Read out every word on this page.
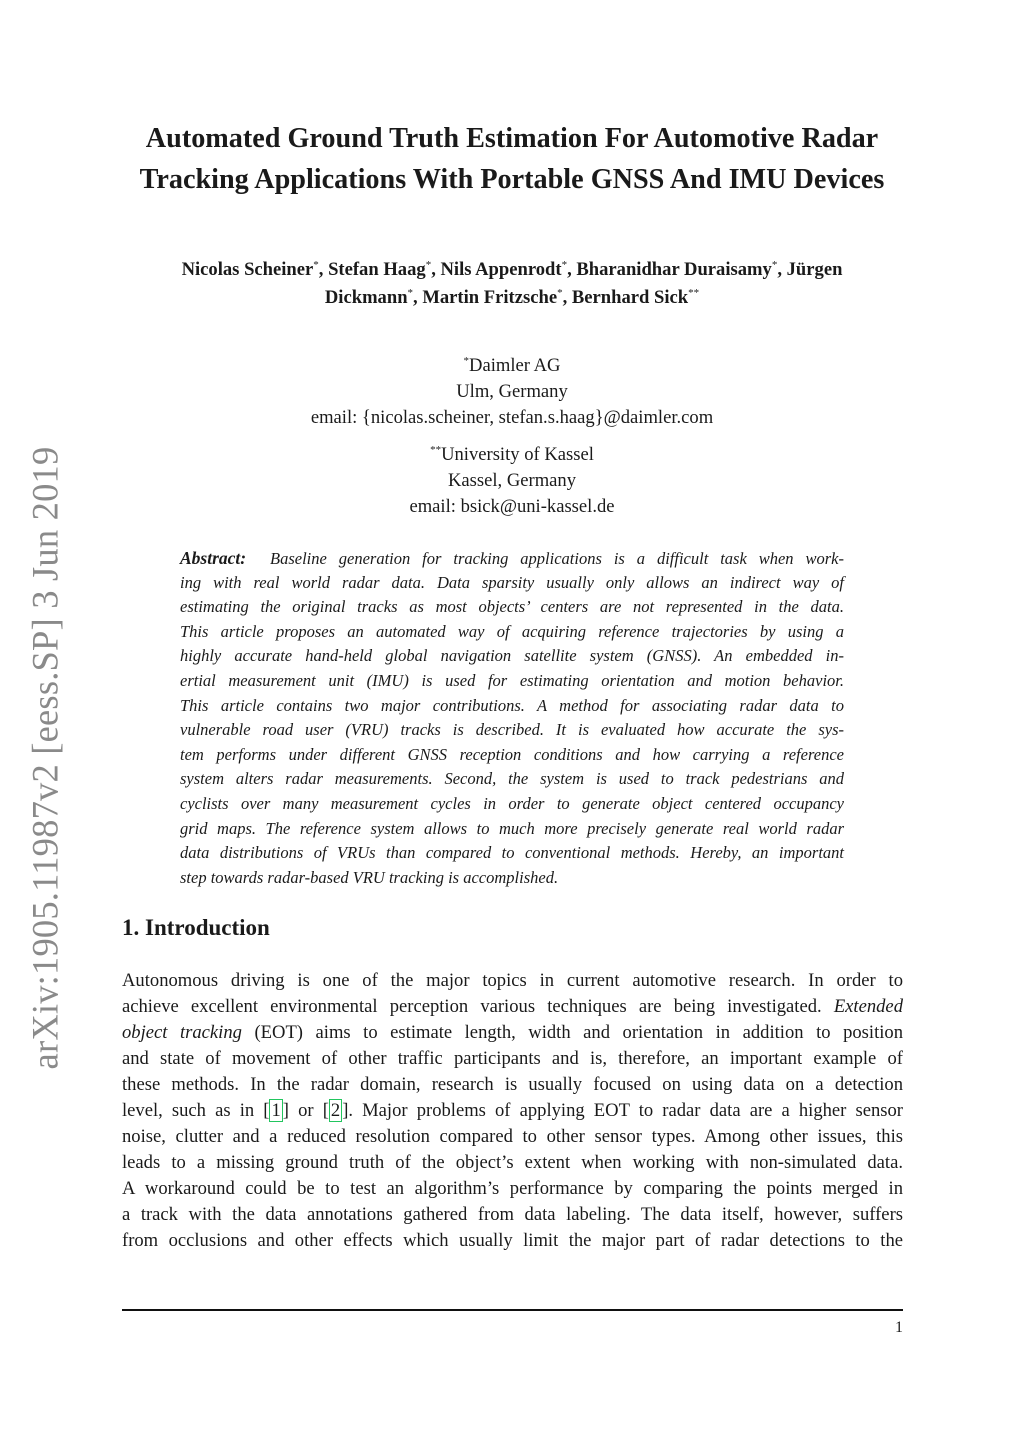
arXiv:1905.11987v2 [eess.SP] 3 Jun 2019
Automated Ground Truth Estimation For Automotive Radar
Tracking Applications With Portable GNSS And IMU Devices
Nicolas Scheiner*, Stefan Haag*, Nils Appenrodt*, Bharanidhar Duraisamy*, Jürgen
Dickmann*, Martin Fritzsche*, Bernhard Sick**
*Daimler AG
Ulm, Germany
email: {nicolas.scheiner, stefan.s.haag}@daimler.com
**University of Kassel
Kassel, Germany
email: bsick@uni-kassel.de
Abstract: Baseline generation for tracking applications is a difficult task when work-
ing with real world radar data. Data sparsity usually only allows an indirect way of
estimating the original tracks as most objects’ centers are not represented in the data.
This article proposes an automated way of acquiring reference trajectories by using a
highly accurate hand-held global navigation satellite system (GNSS). An embedded in-
ertial measurement unit (IMU) is used for estimating orientation and motion behavior.
This article contains two major contributions. A method for associating radar data to
vulnerable road user (VRU) tracks is described. It is evaluated how accurate the sys-
tem performs under different GNSS reception conditions and how carrying a reference
system alters radar measurements. Second, the system is used to track pedestrians and
cyclists over many measurement cycles in order to generate object centered occupancy
grid maps. The reference system allows to much more precisely generate real world radar
data distributions of VRUs than compared to conventional methods. Hereby, an important
step towards radar-based VRU tracking is accomplished.
1. Introduction
Autonomous driving is one of the major topics in current automotive research. In order to
achieve excellent environmental perception various techniques are being investigated. Extended
object tracking (EOT) aims to estimate length, width and orientation in addition to position
and state of movement of other traffic participants and is, therefore, an important example of
these methods. In the radar domain, research is usually focused on using data on a detection
level, such as in [ 1 ] or [ 2 ]. Major problems of applying EOT to radar data are a higher sensor
noise, clutter and a reduced resolution compared to other sensor types. Among other issues, this
leads to a missing ground truth of the object’s extent when working with non-simulated data.
A workaround could be to test an algorithm’s performance by comparing the points merged in
a track with the data annotations gathered from data labeling. The data itself, however, suffers
from occlusions and other effects which usually limit the major part of radar detections to the
1
